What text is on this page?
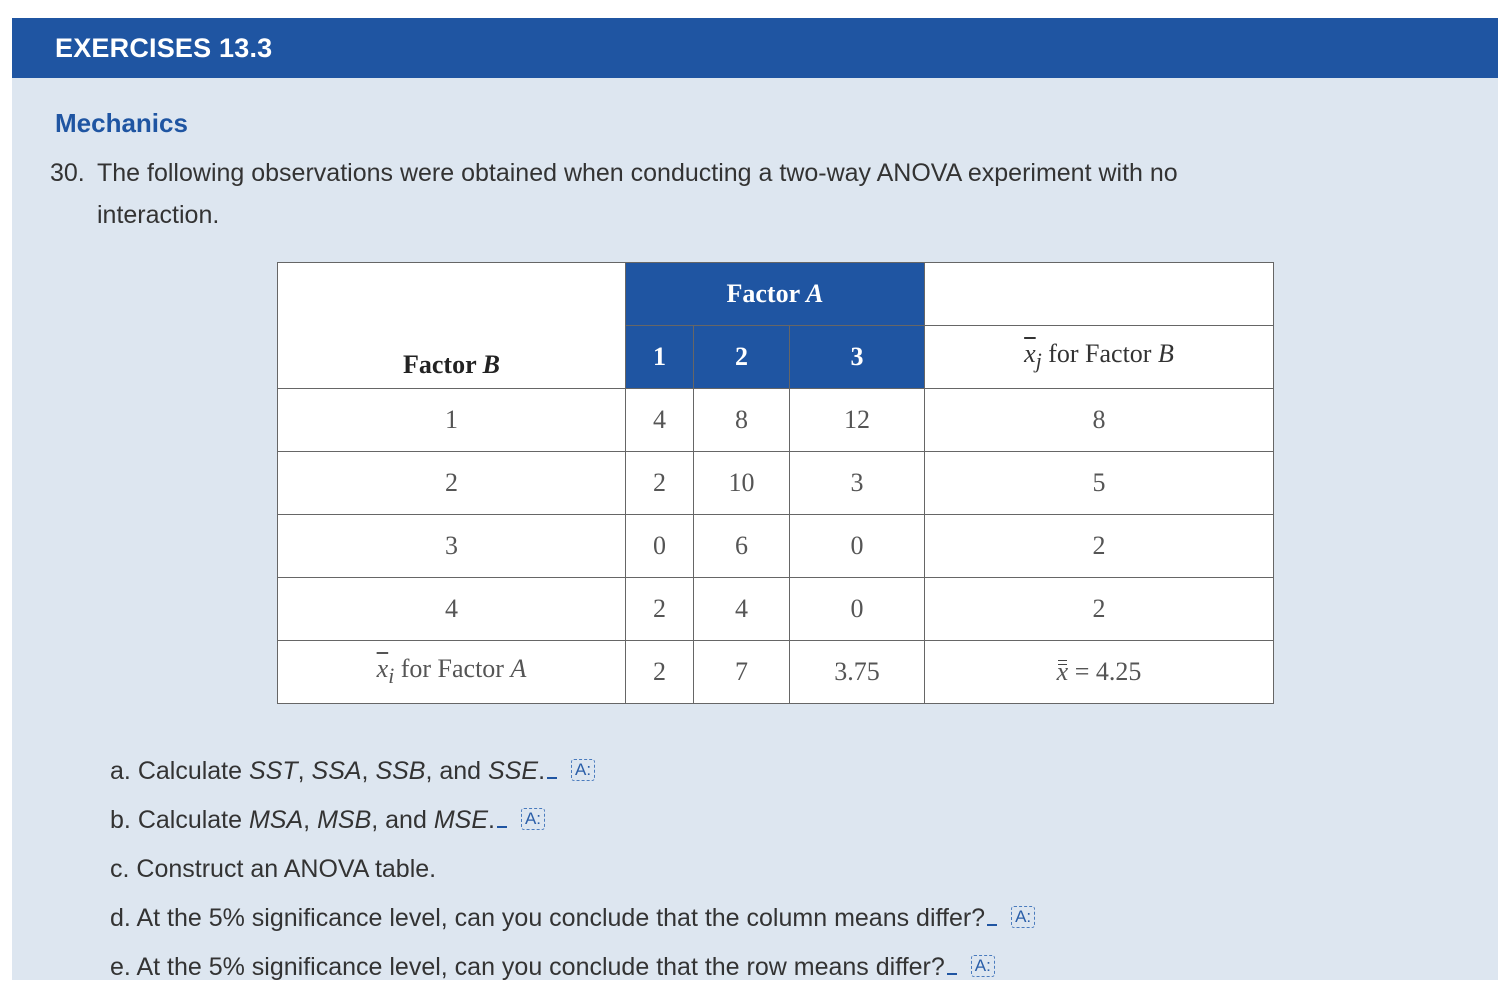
EXERCISES 13.3
Mechanics
30. The following observations were obtained when conducting a two-way ANOVA experiment with no
interaction.
Factor B	Factor A			
	1	2	3	$\overline{x}_j$ for Factor B
1	4	8	12	8
2	2	10	3	5
3	0	6	0	2
4	2	4	0	2
$\overline{x}_i$ for Factor A	2	7	3.75	x = 4.25
a. Calculate SST, SSA, SSB, and SSE. A:
b. Calculate MSA, MSB, and MSE. A:
c. Construct an ANOVA table.
d. At the 5% significance level, can you conclude that the column means differ? A:
e. At the 5% significance level, can you conclude that the row means differ? A:
